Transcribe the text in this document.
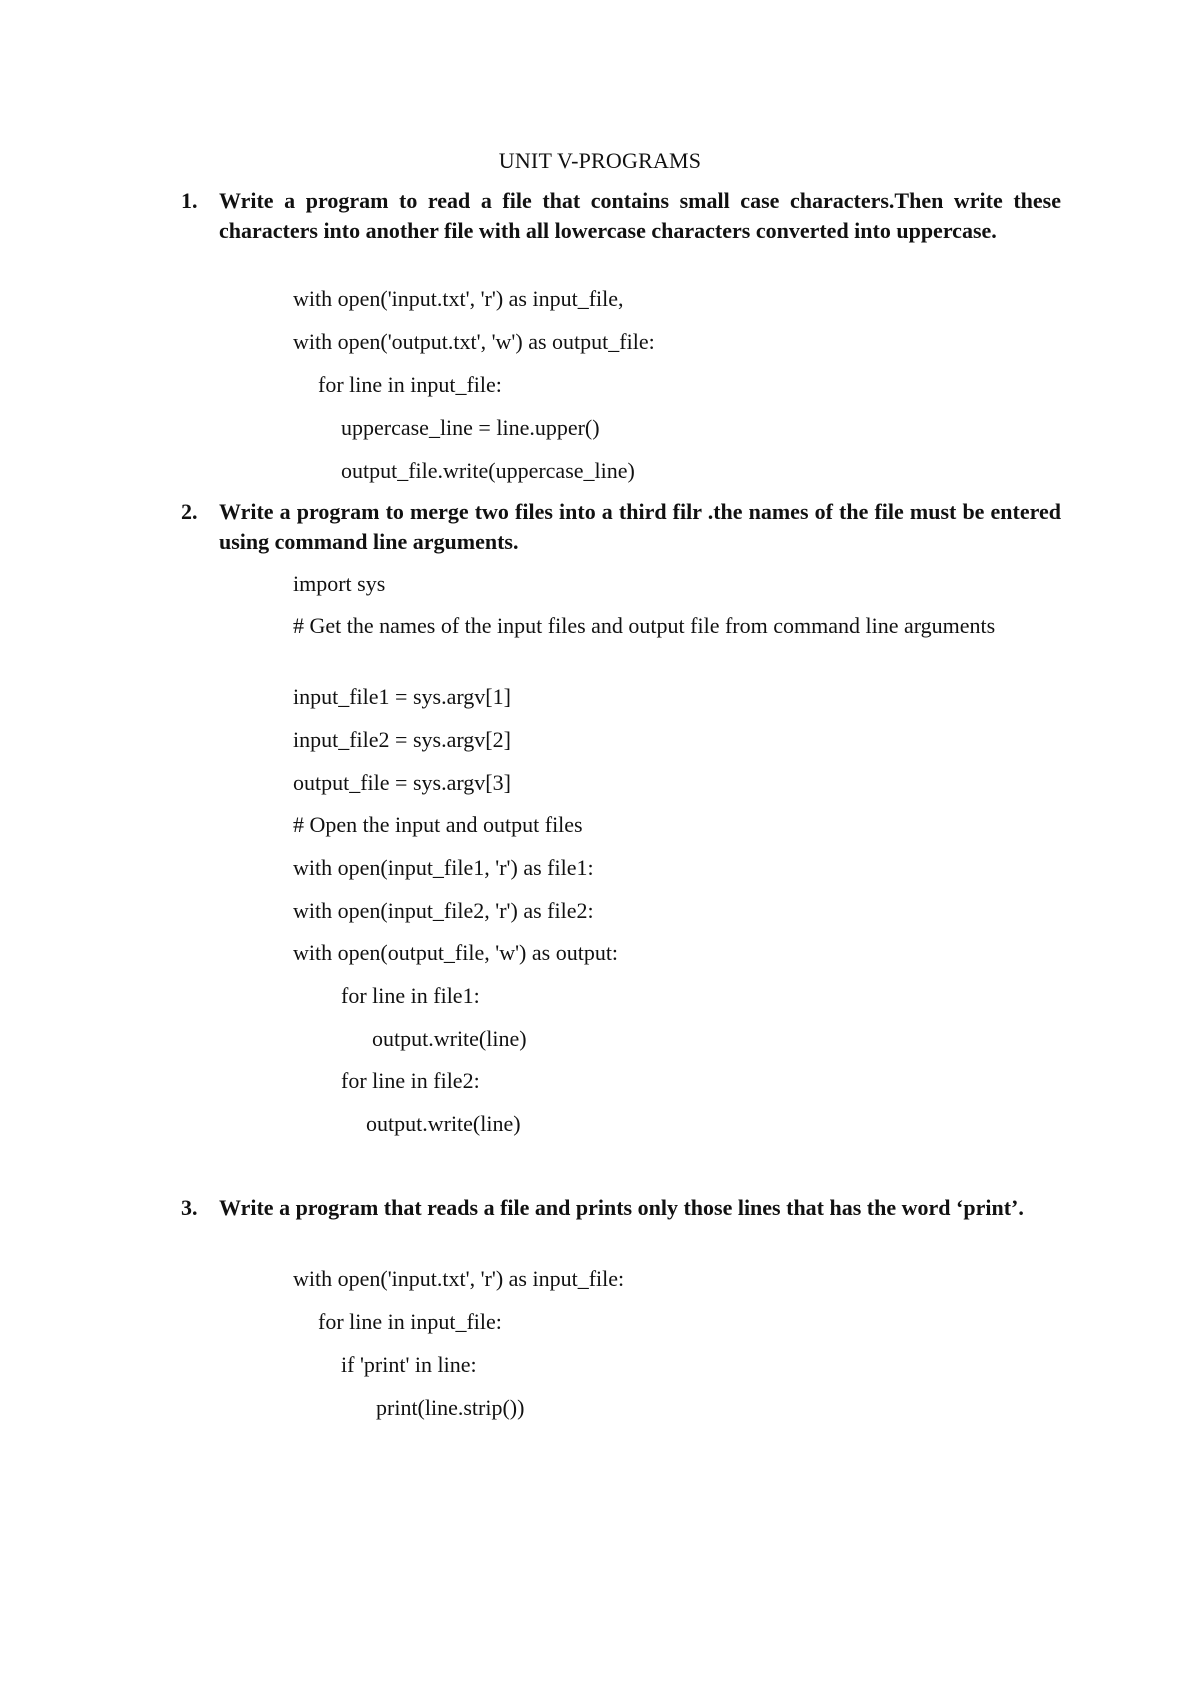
UNIT V-PROGRAMS
1. Write a program to read a file that contains small case characters.Then write these characters into another file with all lowercase characters converted into uppercase.
with open('input.txt', 'r') as input_file,
with open('output.txt', 'w') as output_file:
for line in input_file:
uppercase_line = line.upper()
output_file.write(uppercase_line)
2. Write a program to merge two files into a third filr .the names of the file must be entered using command line arguments.
import sys
# Get the names of the input files and output file from command line arguments
input_file1 = sys.argv[1]
input_file2 = sys.argv[2]
output_file = sys.argv[3]
# Open the input and output files
with open(input_file1, 'r') as file1:
with open(input_file2, 'r') as file2:
with open(output_file, 'w') as output:
for line in file1:
output.write(line)
for line in file2:
output.write(line)
3. Write a program that reads a file and prints only those lines that has the word ‘print’.
with open('input.txt', 'r') as input_file:
for line in input_file:
if 'print' in line:
print(line.strip())
